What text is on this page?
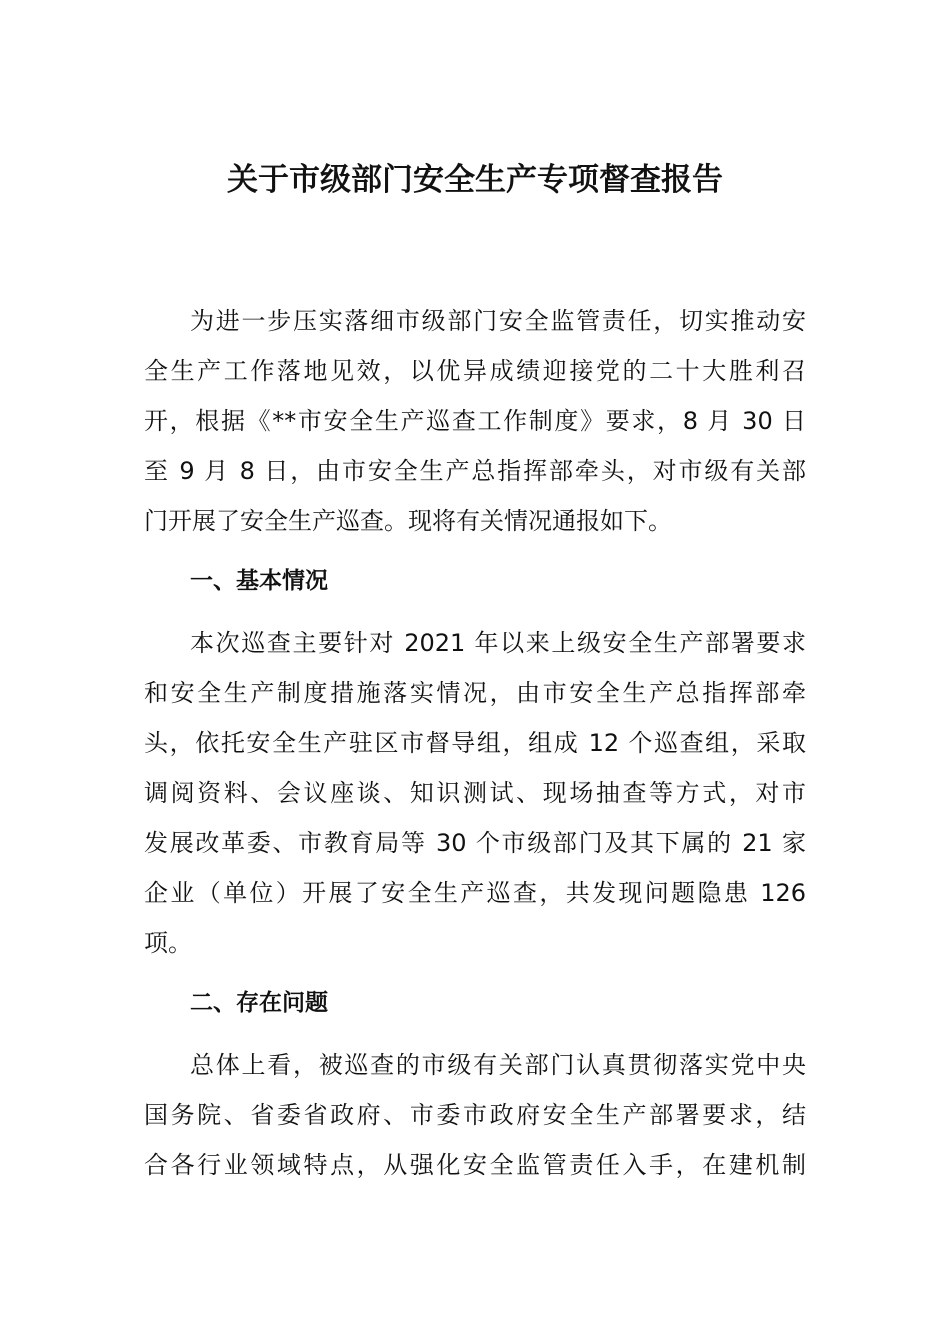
关于市级部门安全生产专项督查报告
为进一步压实落细市级部门安全监管责任，切实推动安
全生产工作落地见效，以优异成绩迎接党的二十大胜利召
开，根据《**市安全生产巡查工作制度》要求，8 月 30 日
至 9 月 8 日，由市安全生产总指挥部牵头，对市级有关部
门开展了安全生产巡查。现将有关情况通报如下。
一、基本情况
本次巡查主要针对 2021 年以来上级安全生产部署要求
和安全生产制度措施落实情况，由市安全生产总指挥部牵
头，依托安全生产驻区市督导组，组成 12 个巡查组，采取
调阅资料、会议座谈、知识测试、现场抽查等方式，对市
发展改革委、市教育局等 30 个市级部门及其下属的 21 家
企业（单位）开展了安全生产巡查，共发现问题隐患 126
项。
二、存在问题
总体上看，被巡查的市级有关部门认真贯彻落实党中央
国务院、省委省政府、市委市政府安全生产部署要求，结
合各行业领域特点，从强化安全监管责任入手，在建机制
